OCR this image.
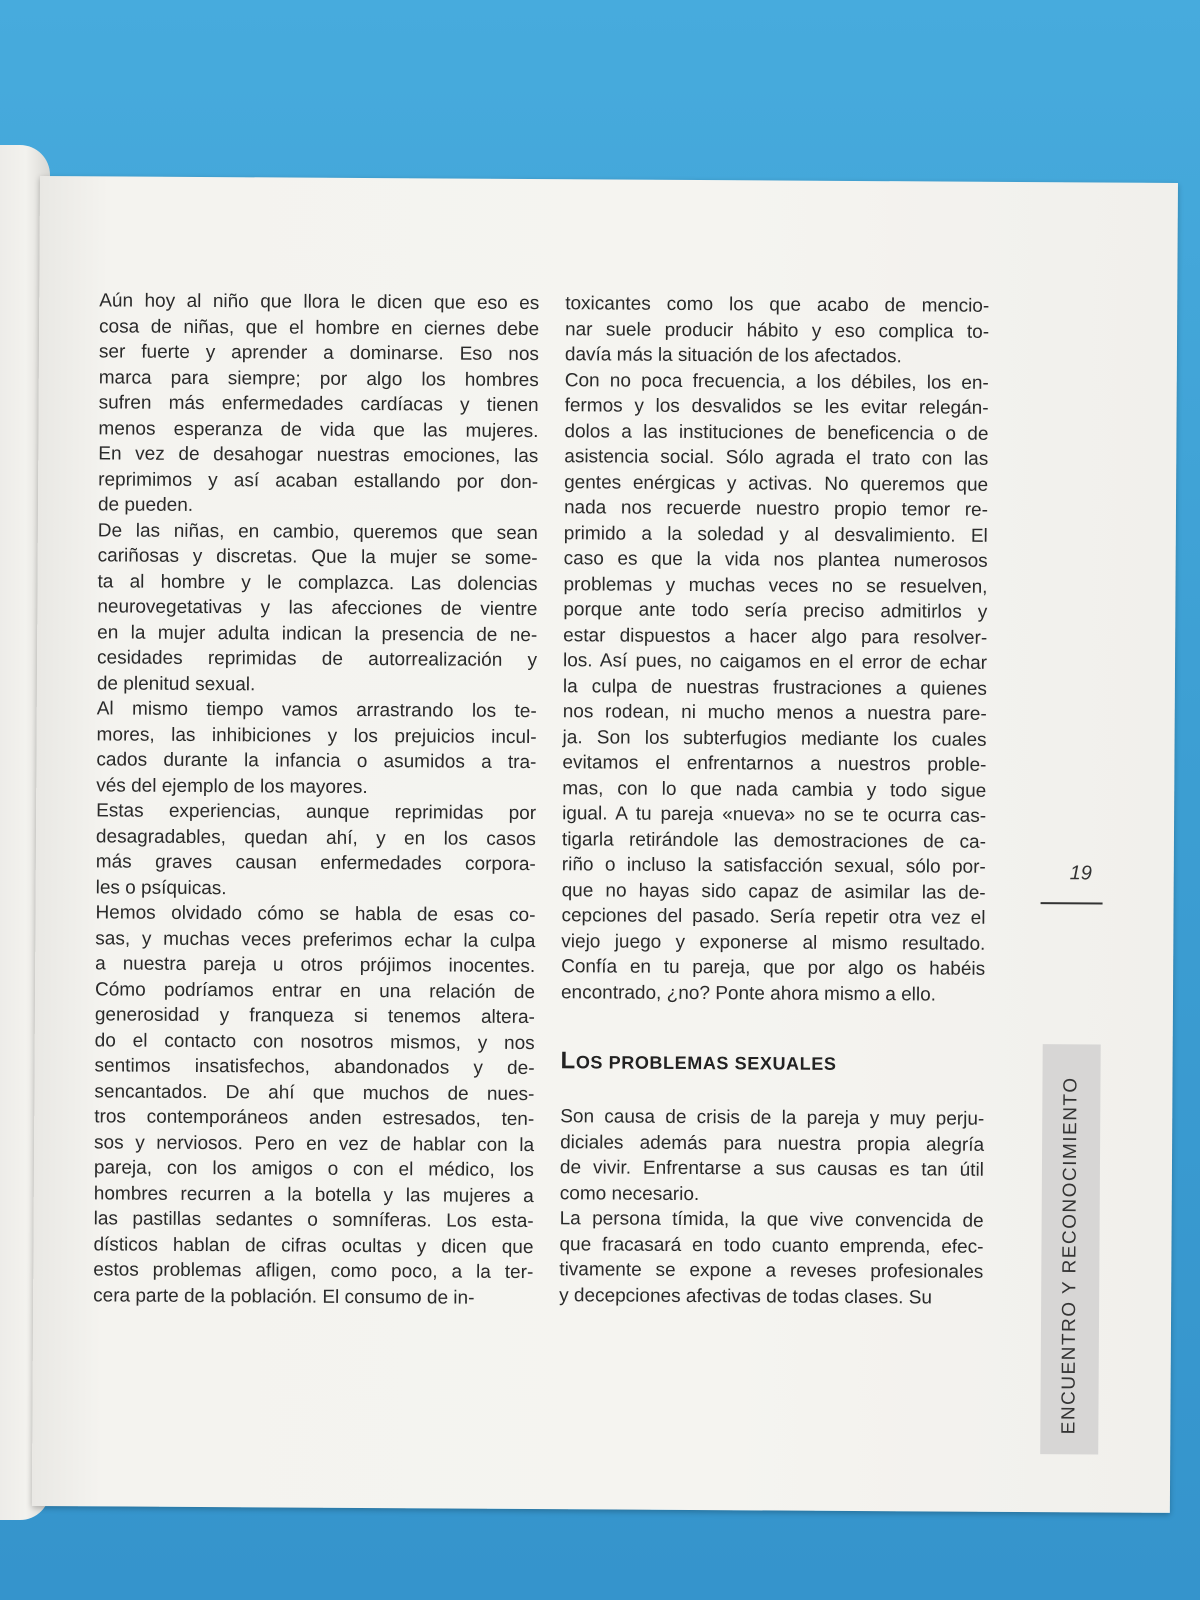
Aún hoy al niño que llora le dicen que eso es
cosa de niñas, que el hombre en ciernes debe
ser fuerte y aprender a dominarse. Eso nos
marca para siempre; por algo los hombres
sufren más enfermedades cardíacas y tienen
menos esperanza de vida que las mujeres.
En vez de desahogar nuestras emociones, las
reprimimos y así acaban estallando por don-
de pueden.
De las niñas, en cambio, queremos que sean
cariñosas y discretas. Que la mujer se some-
ta al hombre y le complazca. Las dolencias
neurovegetativas y las afecciones de vientre
en la mujer adulta indican la presencia de ne-
cesidades reprimidas de autorrealización y
de plenitud sexual.
Al mismo tiempo vamos arrastrando los te-
mores, las inhibiciones y los prejuicios incul-
cados durante la infancia o asumidos a tra-
vés del ejemplo de los mayores.
Estas experiencias, aunque reprimidas por
desagradables, quedan ahí, y en los casos
más graves causan enfermedades corpora-
les o psíquicas.
Hemos olvidado cómo se habla de esas co-
sas, y muchas veces preferimos echar la culpa
a nuestra pareja u otros prójimos inocentes.
Cómo podríamos entrar en una relación de
generosidad y franqueza si tenemos altera-
do el contacto con nosotros mismos, y nos
sentimos insatisfechos, abandonados y de-
sencantados. De ahí que muchos de nues-
tros contemporáneos anden estresados, ten-
sos y nerviosos. Pero en vez de hablar con la
pareja, con los amigos o con el médico, los
hombres recurren a la botella y las mujeres a
las pastillas sedantes o somníferas. Los esta-
dísticos hablan de cifras ocultas y dicen que
estos problemas afligen, como poco, a la ter-
cera parte de la población. El consumo de in-
toxicantes como los que acabo de mencio-
nar suele producir hábito y eso complica to-
davía más la situación de los afectados.
Con no poca frecuencia, a los débiles, los en-
fermos y los desvalidos se les evitar relegán-
dolos a las instituciones de beneficencia o de
asistencia social. Sólo agrada el trato con las
gentes enérgicas y activas. No queremos que
nada nos recuerde nuestro propio temor re-
primido a la soledad y al desvalimiento. El
caso es que la vida nos plantea numerosos
problemas y muchas veces no se resuelven,
porque ante todo sería preciso admitirlos y
estar dispuestos a hacer algo para resolver-
los. Así pues, no caigamos en el error de echar
la culpa de nuestras frustraciones a quienes
nos rodean, ni mucho menos a nuestra pare-
ja. Son los subterfugios mediante los cuales
evitamos el enfrentarnos a nuestros proble-
mas, con lo que nada cambia y todo sigue
igual. A tu pareja «nueva» no se te ocurra cas-
tigarla retirándole las demostraciones de ca-
riño o incluso la satisfacción sexual, sólo por-
que no hayas sido capaz de asimilar las de-
cepciones del pasado. Sería repetir otra vez el
viejo juego y exponerse al mismo resultado.
Confía en tu pareja, que por algo os habéis
encontrado, ¿no? Ponte ahora mismo a ello.
LOS PROBLEMAS SEXUALES
Son causa de crisis de la pareja y muy perju-
diciales además para nuestra propia alegría
de vivir. Enfrentarse a sus causas es tan útil
como necesario.
La persona tímida, la que vive convencida de
que fracasará en todo cuanto emprenda, efec-
tivamente se expone a reveses profesionales
y decepciones afectivas de todas clases. Su
19
ENCUENTRO Y RECONOCIMIENTO
